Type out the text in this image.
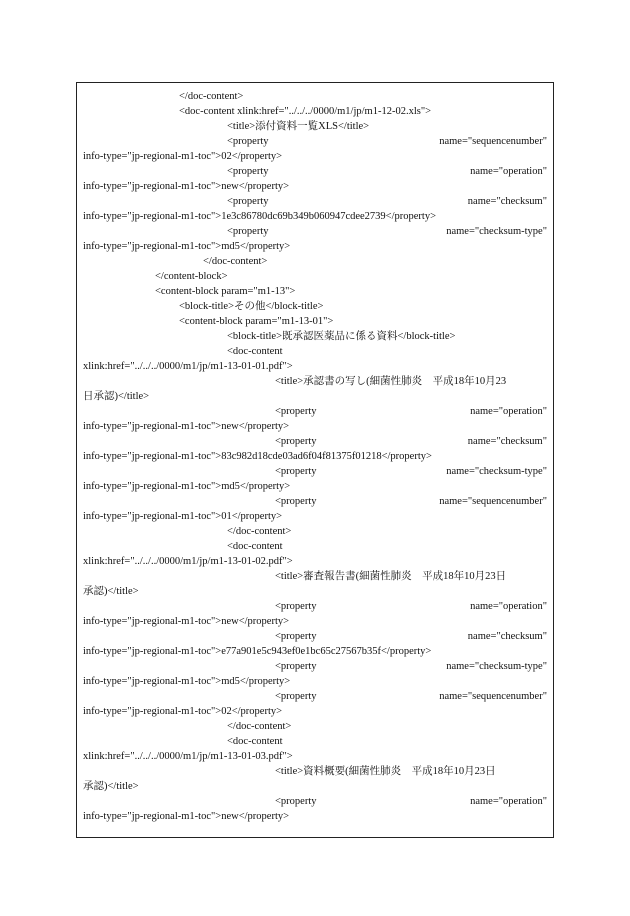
</doc-content>
<doc-content xlink:href="../../../0000/m1/jp/m1-12-02.xls">
<title>添付資料一覧XLS</title>
<property	name="sequencenumber"
info-type="jp-regional-m1-toc">02</property>
<property	name="operation"
info-type="jp-regional-m1-toc">new</property>
<property	name="checksum"
info-type="jp-regional-m1-toc">1e3c86780dc69b349b060947cdee2739</property>
<property	name="checksum-type"
info-type="jp-regional-m1-toc">md5</property>
</doc-content>
</content-block>
<content-block param="m1-13">
<block-title>その他</block-title>
<content-block param="m1-13-01">
<block-title>既承認医薬品に係る資料</block-title>
<doc-content
xlink:href="../../../0000/m1/jp/m1-13-01-01.pdf">
<title>承認書の写し(細菌性肺炎　平成18年10月23
日承認)</title>
<property	name="operation"
info-type="jp-regional-m1-toc">new</property>
<property	name="checksum"
info-type="jp-regional-m1-toc">83c982d18cde03ad6f04f81375f01218</property>
<property	name="checksum-type"
info-type="jp-regional-m1-toc">md5</property>
<property	name="sequencenumber"
info-type="jp-regional-m1-toc">01</property>
</doc-content>
<doc-content
xlink:href="../../../0000/m1/jp/m1-13-01-02.pdf">
<title>審査報告書(細菌性肺炎　平成18年10月23日
承認)</title>
<property	name="operation"
info-type="jp-regional-m1-toc">new</property>
<property	name="checksum"
info-type="jp-regional-m1-toc">e77a901e5c943ef0e1bc65c27567b35f</property>
<property	name="checksum-type"
info-type="jp-regional-m1-toc">md5</property>
<property	name="sequencenumber"
info-type="jp-regional-m1-toc">02</property>
</doc-content>
<doc-content
xlink:href="../../../0000/m1/jp/m1-13-01-03.pdf">
<title>資料概要(細菌性肺炎　平成18年10月23日
承認)</title>
<property	name="operation"
info-type="jp-regional-m1-toc">new</property>
